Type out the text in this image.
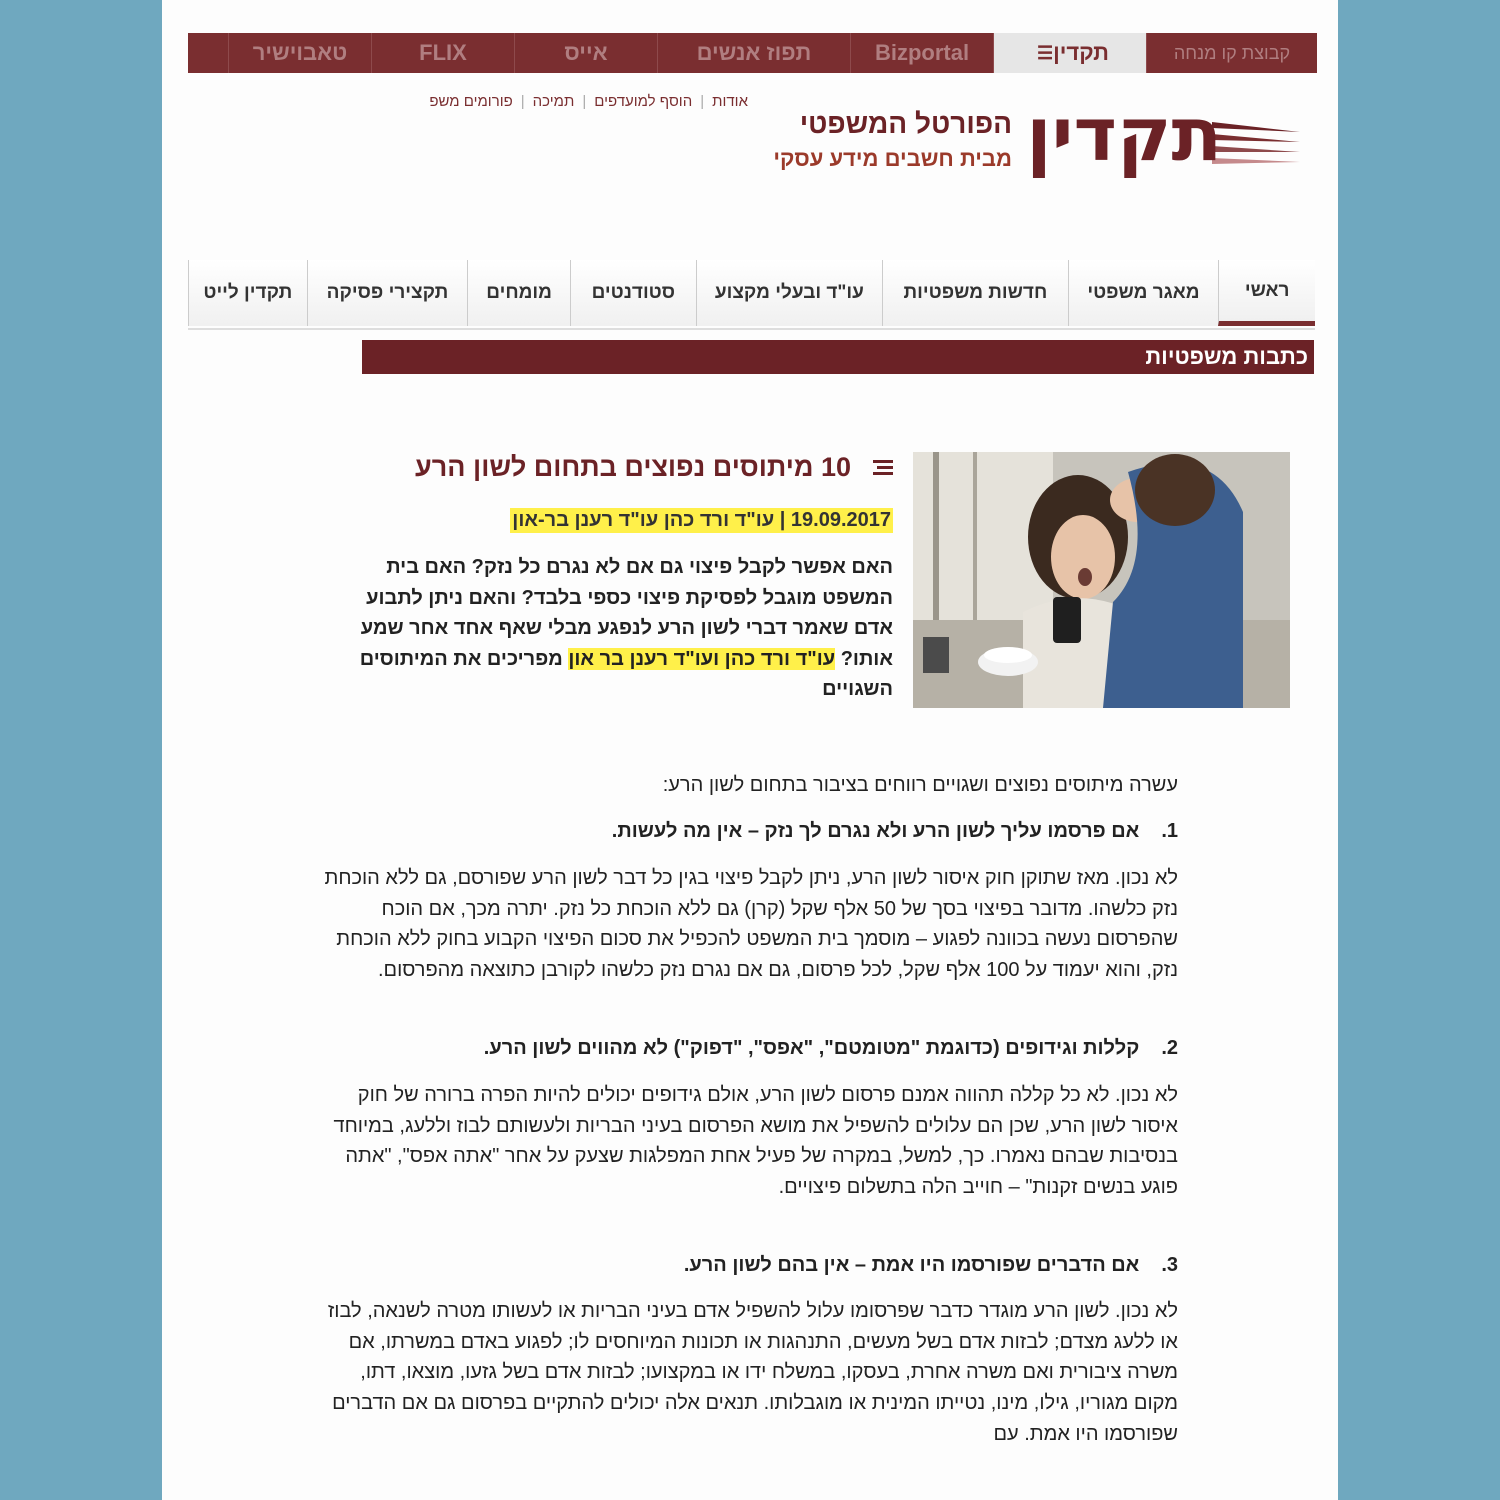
קבוצת קו מנחה
☰ תקדין
Bizportal
תפוז אנשים
אייס
FLIX
טאבוישיר
אודות
|
הוסף למועדפים
|
תמיכה
|
פורומים משפ	תקדין
הפורטל המשפטי
מבית חשבים מידע עסקי
ראשי
מאגר משפטי
חדשות משפטיות
עו"ד ובעלי מקצוע
סטודנטים
מומחים
תקצירי פסיקה
תקדין לייט
כתבות משפטיות
10 מיתוסים נפוצים בתחום לשון הרע
19.09.2017 | עו"ד ורד כהן עו"ד רענן בר-און
האם אפשר לקבל פיצוי גם אם לא נגרם כל נזק? האם בית המשפט מוגבל לפסיקת פיצוי כספי בלבד? והאם ניתן לתבוע אדם שאמר דברי לשון הרע לנפגע מבלי שאף אחד אחר שמע אותו? עו"ד ורד כהן ועו"ד רענן בר און מפריכים את המיתוסים השגויים
עשרה מיתוסים נפוצים ושגויים רווחים בציבור בתחום לשון הרע:
1.אם פרסמו עליך לשון הרע ולא נגרם לך נזק – אין מה לעשות.
לא נכון. מאז שתוקן חוק איסור לשון הרע, ניתן לקבל פיצוי בגין כל דבר לשון הרע שפורסם, גם ללא הוכחת נזק כלשהו. מדובר בפיצוי בסך של 50 אלף שקל (קרן) גם ללא הוכחת כל נזק. יתרה מכך, אם הוכח שהפרסום נעשה בכוונה לפגוע – מוסמך בית המשפט להכפיל את סכום הפיצוי הקבוע בחוק ללא הוכחת נזק, והוא יעמוד על 100 אלף שקל, לכל פרסום, גם אם נגרם נזק כלשהו לקורבן כתוצאה מהפרסום.
2.קללות וגידופים (כדוגמת "מטומטם", "אפס", "דפוק") לא מהווים לשון הרע.
לא נכון. לא כל קללה תהווה אמנם פרסום לשון הרע, אולם גידופים יכולים להיות הפרה ברורה של חוק איסור לשון הרע, שכן הם עלולים להשפיל את מושא הפרסום בעיני הבריות ולעשותם לבוז וללעג, במיוחד בנסיבות שבהם נאמרו. כך, למשל, במקרה של פעיל אחת המפלגות שצעק על אחר "אתה אפס", "אתה פוגע בנשים זקנות" – חוייב הלה בתשלום פיצויים.
3.אם הדברים שפורסמו היו אמת – אין בהם לשון הרע.
לא נכון. לשון הרע מוגדר כדבר שפרסומו עלול להשפיל אדם בעיני הבריות או לעשותו מטרה לשנאה, לבוז או ללעג מצדם; לבזות אדם בשל מעשים, התנהגות או תכונות המיוחסים לו; לפגוע באדם במשרתו, אם משרה ציבורית ואם משרה אחרת, בעסקו, במשלח ידו או במקצועו; לבזות אדם בשל גזעו, מוצאו, דתו, מקום מגוריו, גילו, מינו, נטייתו המינית או מוגבלותו. תנאים אלה יכולים להתקיים בפרסום גם אם הדברים שפורסמו היו אמת. עם
